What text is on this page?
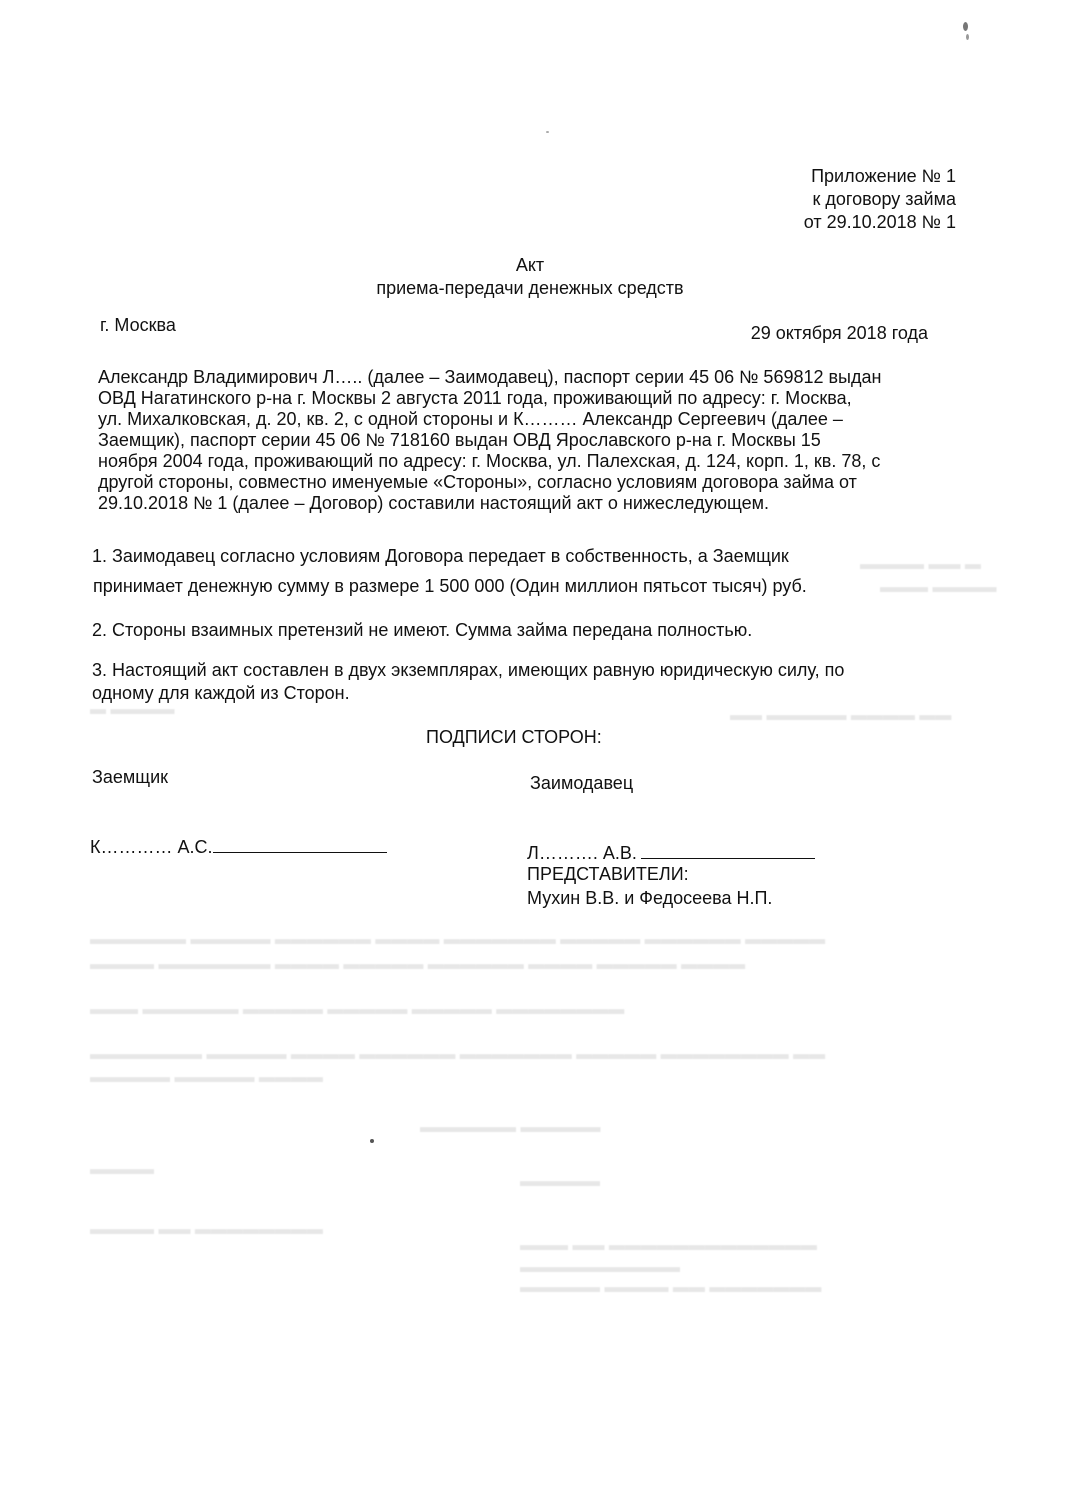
▬▬▬▬ ▬▬ ▬
▬▬▬ ▬▬▬▬
▬ ▬▬▬▬	▬▬ ▬▬▬▬▬ ▬▬▬▬ ▬▬
▬▬▬▬▬▬ ▬▬▬▬▬ ▬▬▬▬▬▬ ▬▬▬▬ ▬▬▬▬▬▬▬ ▬▬▬▬▬ ▬▬▬▬▬▬ ▬▬▬▬▬
▬▬▬▬ ▬▬▬▬▬▬▬ ▬▬▬▬ ▬▬▬▬▬ ▬▬▬▬▬▬ ▬▬▬▬ ▬▬▬▬▬ ▬▬▬▬
▬▬▬ ▬▬▬▬▬▬ ▬▬▬▬▬ ▬▬▬▬▬ ▬▬▬▬▬ ▬▬▬▬▬▬▬▬
▬▬▬▬▬▬▬ ▬▬▬▬▬ ▬▬▬▬ ▬▬▬▬▬▬ ▬▬▬▬▬▬▬ ▬▬▬▬▬ ▬▬▬▬▬▬▬▬ ▬▬
▬▬▬▬▬ ▬▬▬▬▬ ▬▬▬▬
▬▬▬▬▬▬ ▬▬▬▬▬
▬▬▬▬
▬▬▬▬▬
▬▬▬▬ ▬▬ ▬▬▬▬▬▬▬▬
▬▬▬ ▬▬ ▬▬▬▬▬▬▬▬▬▬▬▬▬
▬▬▬▬▬▬▬▬▬▬
▬▬▬▬▬ ▬▬▬▬ ▬▬ ▬▬▬▬▬▬▬
Приложение № 1
к договору займа
от 29.10.2018 № 1
Акт
приема-передачи денежных средств
г. Москва	29 октября 2018 года
Александр Владимирович Л….. (далее – Заимодавец), паспорт серии 45 06 № 569812 выдан
ОВД Нагатинского р-на г. Москвы 2 августа 2011 года, проживающий по адресу: г. Москва,
ул. Михалковская, д. 20, кв. 2, с одной стороны и К……… Александр Сергеевич (далее –
Заемщик), паспорт серии 45 06 № 718160 выдан ОВД Ярославского р-на г. Москвы 15
ноября 2004 года, проживающий по адресу: г. Москва, ул. Палехская, д. 124, корп. 1, кв. 78, с
другой стороны, совместно именуемые «Стороны», согласно условиям договора займа от
29.10.2018 № 1 (далее – Договор) составили настоящий акт о нижеследующем.
1. Заимодавец согласно условиям Договора передает в собственность, а Заемщик
принимает денежную сумму в размере 1 500 000 (Один миллион пятьсот тысяч) руб.
2. Стороны взаимных претензий не имеют. Сумма займа передана полностью.
3. Настоящий акт составлен в двух экземплярах, имеющих равную юридическую силу, по
одному для каждой из Сторон.
ПОДПИСИ СТОРОН:
Заемщик	Заимодавец
К………… А.С.	Л………. А.В.
ПРЕДСТАВИТЕЛИ:
Мухин В.В. и Федосеева Н.П.
